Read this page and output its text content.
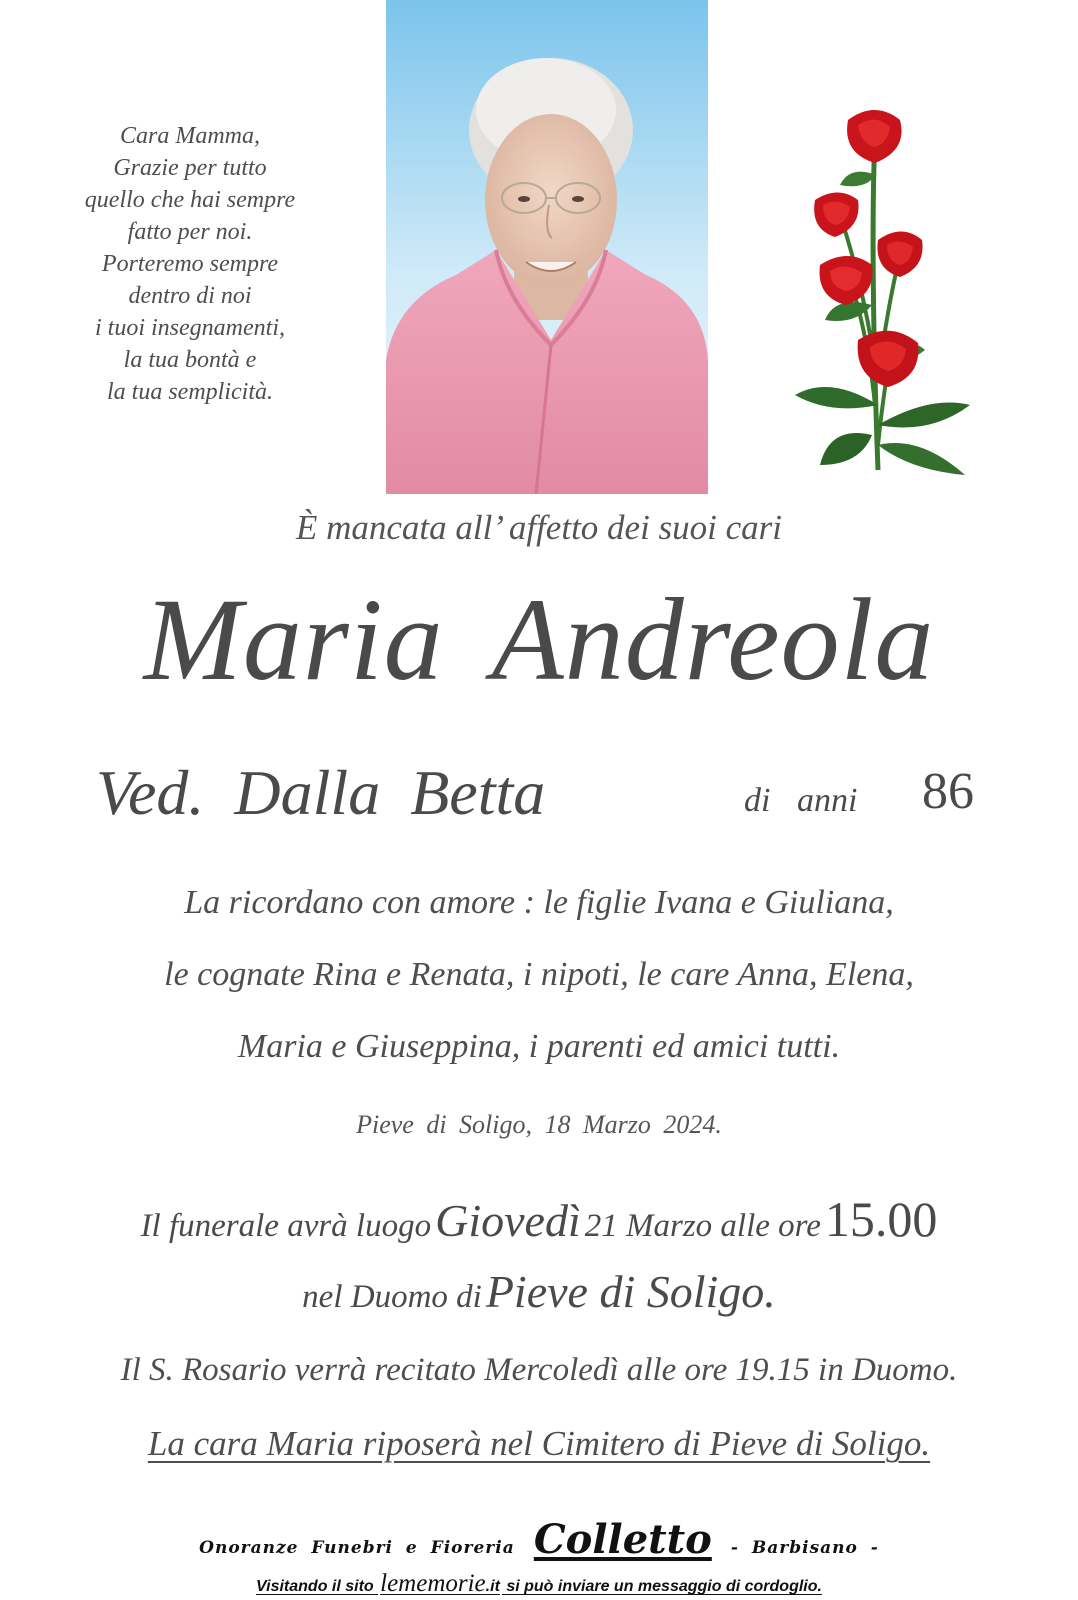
Cara Mamma,
Grazie per tutto
quello che hai sempre
fatto per noi.
Porteremo sempre
dentro di noi
i tuoi insegnamenti,
la tua bontà e
la tua semplicità.
È mancata all’ affetto dei suoi cari
Maria Andreola
Ved. Dalla Betta	di anni 86
La ricordano con amore : le figlie Ivana e Giuliana,
le cognate Rina e Renata, i nipoti, le care Anna, Elena,
Maria e Giuseppina, i parenti ed amici tutti.
Pieve di Soligo, 18 Marzo 2024.
Il funerale avrà luogo Giovedì 21 Marzo alle ore 15.00
nel Duomo di Pieve di Soligo.
Il S. Rosario verrà recitato Mercoledì alle ore 19.15 in Duomo.
La cara Maria riposerà nel Cimitero di Pieve di Soligo.
Onoranze Funebri e Fioreria Colletto - Barbisano -
Visitando il sito lememorie.it si può inviare un messaggio di cordoglio.
